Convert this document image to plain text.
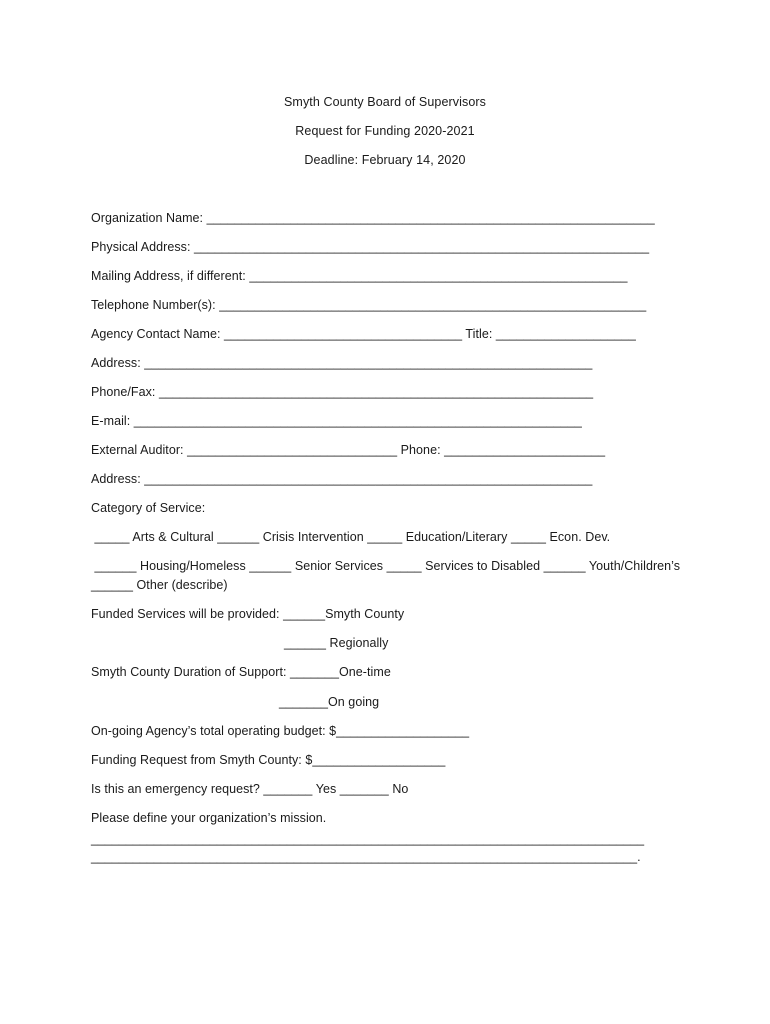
Smyth County Board of Supervisors
Request for Funding 2020-2021
Deadline: February 14, 2020
Organization Name: ________________________________________________________________
Physical Address: _________________________________________________________________
Mailing Address, if different: ______________________________________________________
Telephone Number(s): _____________________________________________________________
Agency Contact Name: __________________________________ Title: ____________________
Address: ________________________________________________________________
Phone/Fax: ______________________________________________________________
E-mail: ________________________________________________________________
External Auditor: ______________________________ Phone: _______________________
Address: ________________________________________________________________
Category of Service:
_____ Arts & Cultural ______ Crisis Intervention _____ Education/Literary _____ Econ. Dev.
______ Housing/Homeless ______ Senior Services _____ Services to Disabled ______ Youth/Children’s
______ Other (describe)
Funded Services will be provided: ______Smyth County
______ Regionally
Smyth County Duration of Support: _______One-time
_______On going
On-going Agency’s total operating budget: $___________________
Funding Request from Smyth County: $___________________
Is this an emergency request? _______ Yes _______ No
Please define your organization’s mission.
_______________________________________________________________________________
______________________________________________________________________________.
